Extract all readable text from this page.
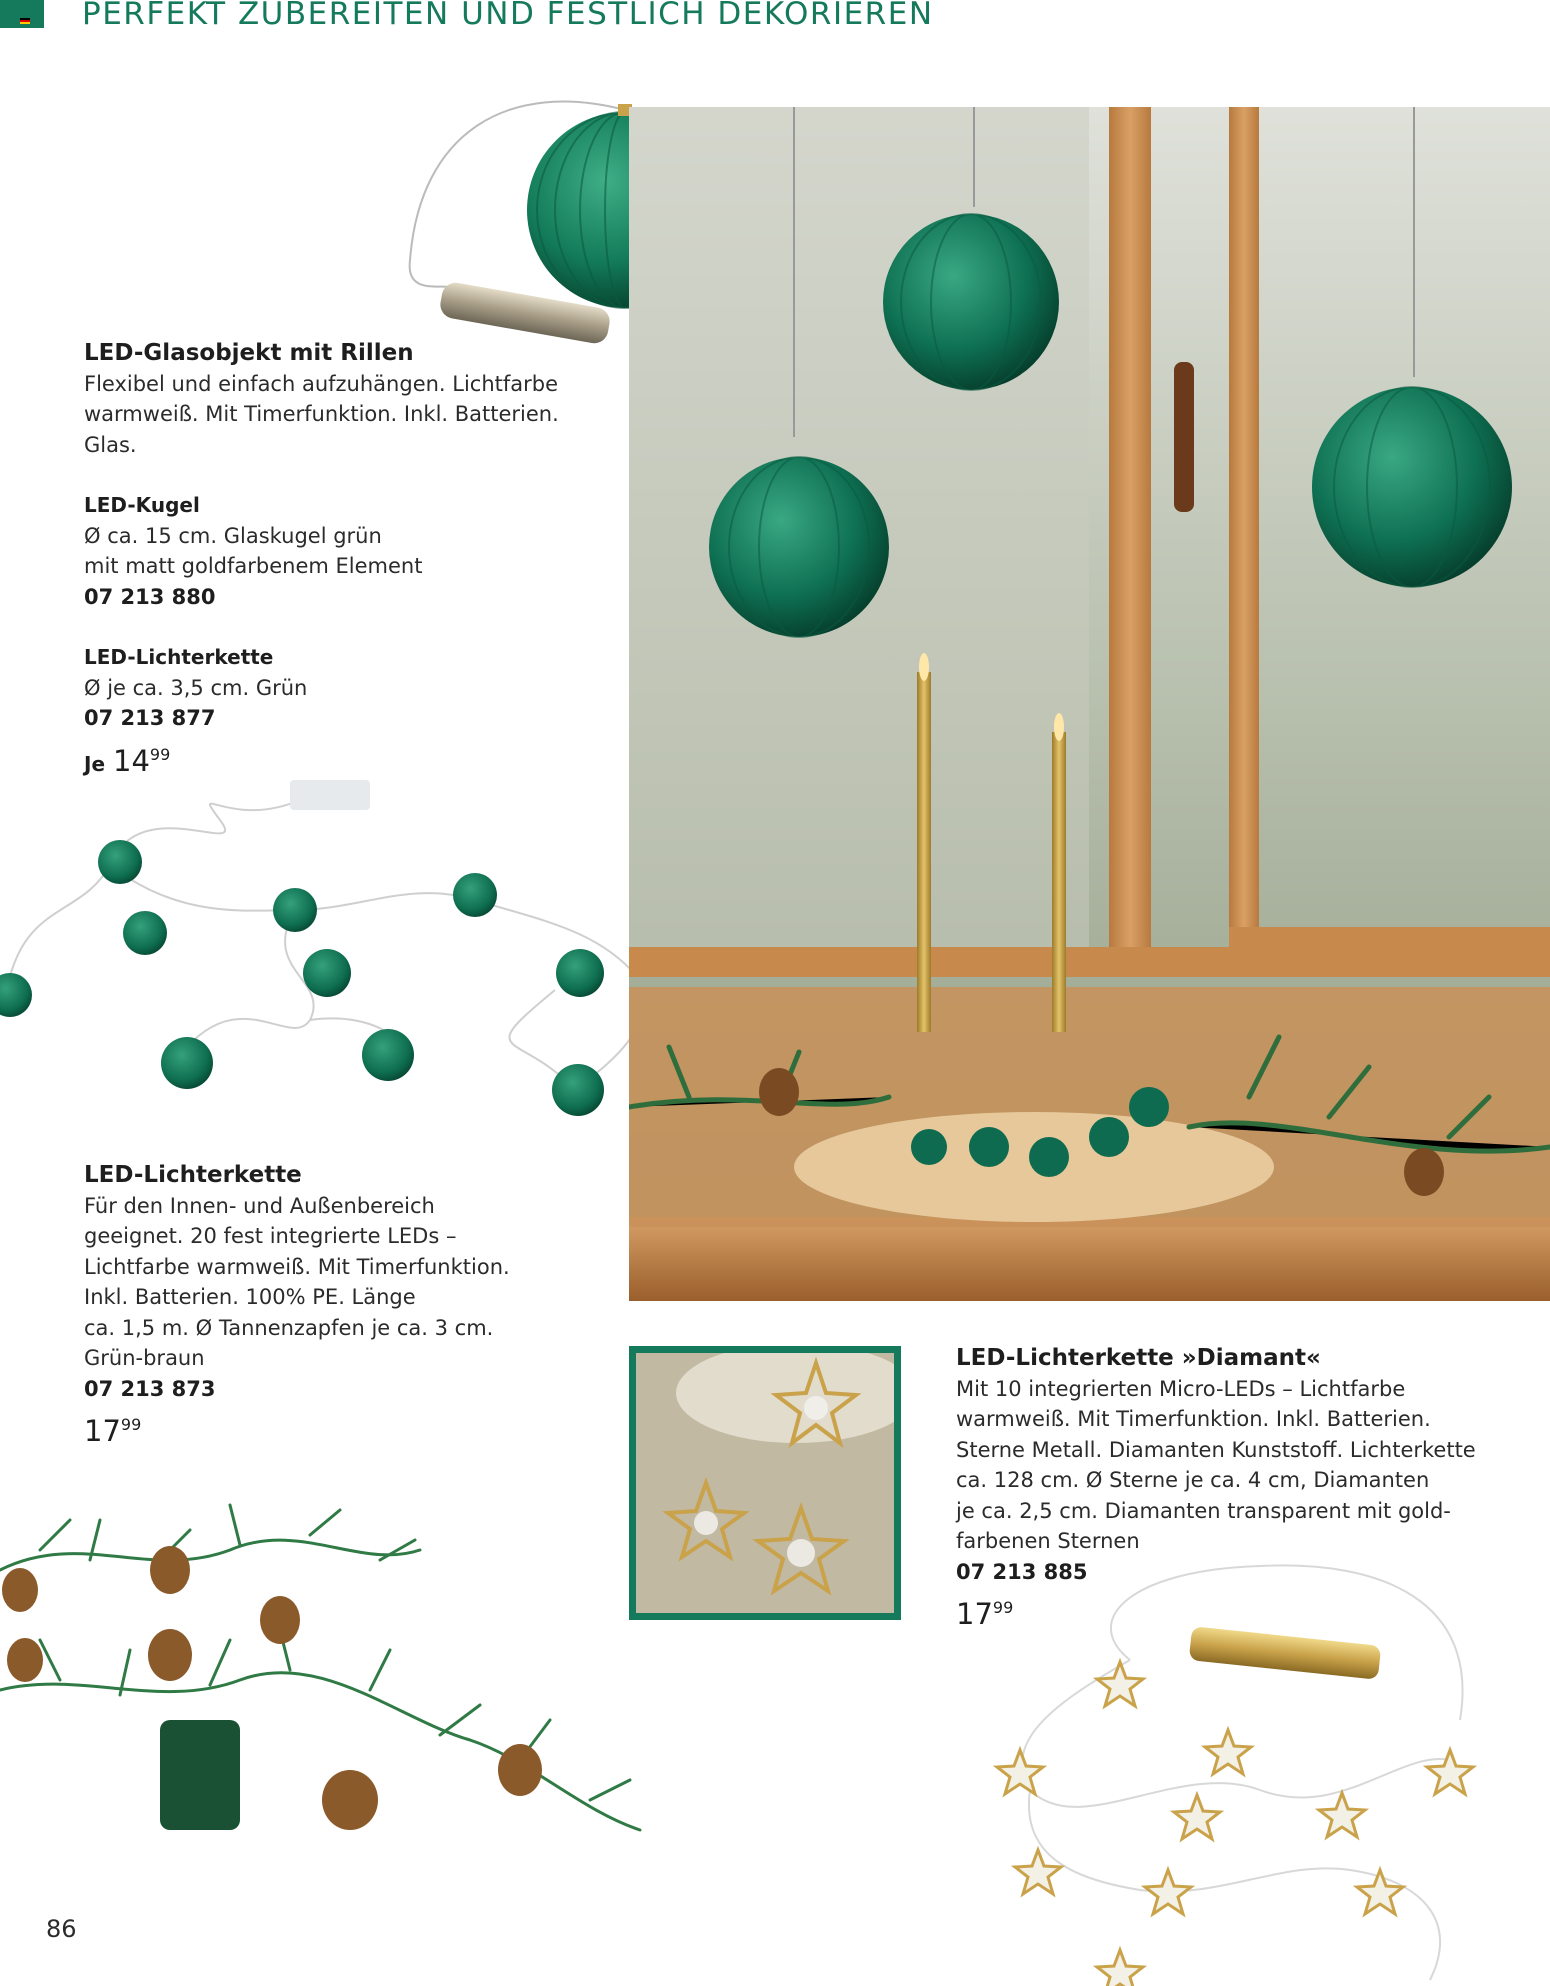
PERFEKT ZUBEREITEN UND FESTLICH DEKORIEREN

LED-Glasobjekt mit Rillen

Flexibel und einfach aufzuhängen. Lichtfarbe

warmweiß. Mit Timerfunktion. Inkl. Batterien.

Glas.

LED-Kugel

Ø ca. 15 cm. Glaskugel grün

mit matt goldfarbenem Element

07 213 880

LED-Lichterkette

Ø je ca. 3,5 cm. Grün

07 213 877

Je $14^{99}$

LED-Lichterkette

Für den Innen- und Außenbereich

geeignet. 20 fest integrierte LEDs –

Lichtfarbe warmweiß. Mit Timerfunktion.

Inkl. Batterien. 100% PE. Länge

ca. 1,5 m. Ø Tannenzapfen je ca. 3 cm.

Grün-braun

07 213 873

$17^{99}$

LED-Lichterkette »Diamant«

Mit 10 integrierten Micro-LEDs – Lichtfarbe

warmweiß. Mit Timerfunktion. Inkl. Batterien.

Sterne Metall. Diamanten Kunststoff. Lichterkette

ca. 128 cm. Ø Sterne je ca. 4 cm, Diamanten

je ca. 2,5 cm. Diamanten transparent mit gold-

farbenen Sternen

07 213 885

$17^{99}$

86
